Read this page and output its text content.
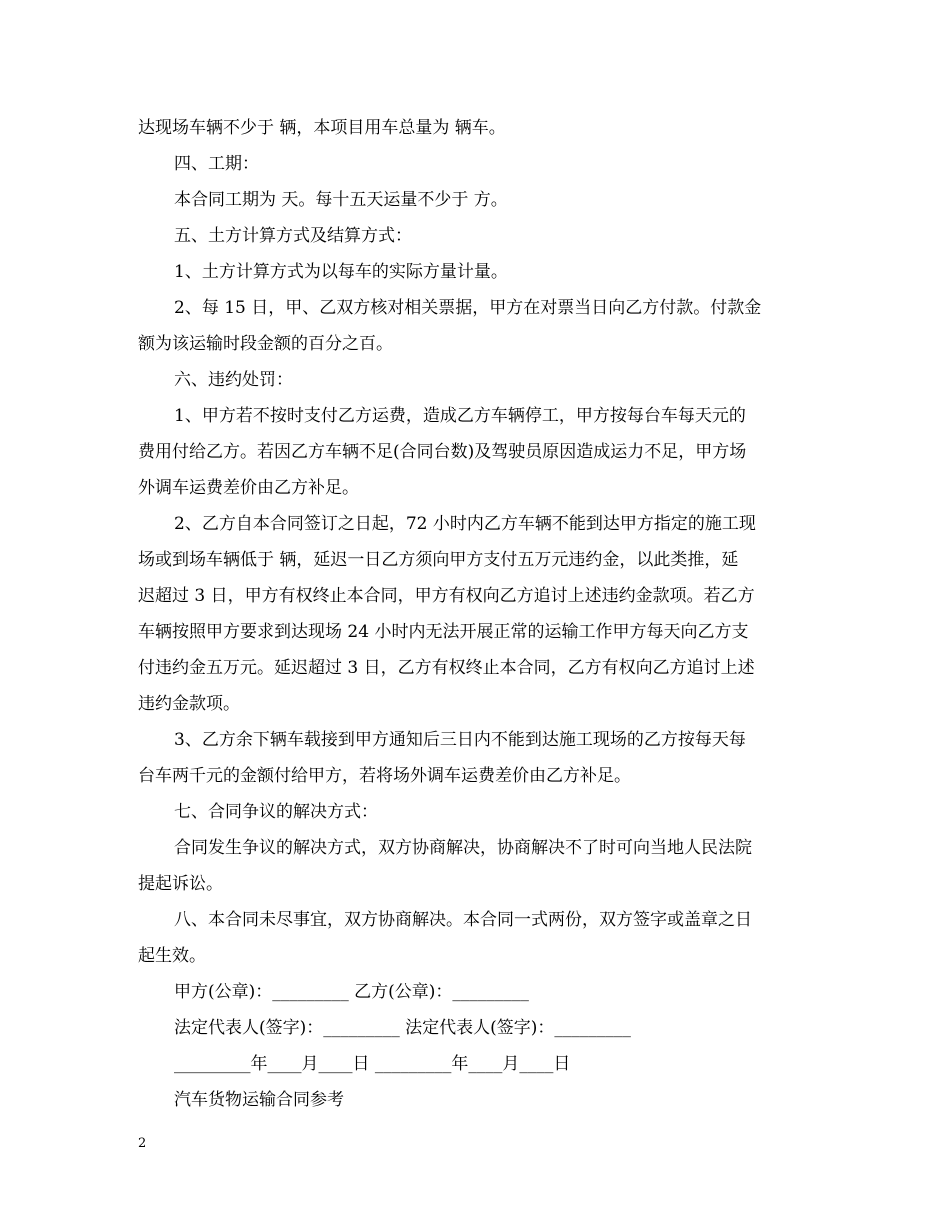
达现场车辆不少于 辆，本项目用车总量为 辆车。
四、工期：
本合同工期为 天。每十五天运量不少于 方。
五、土方计算方式及结算方式：
1、土方计算方式为以每车的实际方量计量。
2、每 15 日，甲、乙双方核对相关票据，甲方在对票当日向乙方付款。付款金
额为该运输时段金额的百分之百。
六、违约处罚：
1、甲方若不按时支付乙方运费，造成乙方车辆停工，甲方按每台车每天元的
费用付给乙方。若因乙方车辆不足(合同台数)及驾驶员原因造成运力不足，甲方场
外调车运费差价由乙方补足。
2、乙方自本合同签订之日起，72 小时内乙方车辆不能到达甲方指定的施工现
场或到场车辆低于 辆，延迟一日乙方须向甲方支付五万元违约金，以此类推，延
迟超过 3 日，甲方有权终止本合同，甲方有权向乙方追讨上述违约金款项。若乙方
车辆按照甲方要求到达现场 24 小时内无法开展正常的运输工作甲方每天向乙方支
付违约金五万元。延迟超过 3 日，乙方有权终止本合同，乙方有权向乙方追讨上述
违约金款项。
3、乙方余下辆车载接到甲方通知后三日内不能到达施工现场的乙方按每天每
台车两千元的金额付给甲方，若将场外调车运费差价由乙方补足。
七、合同争议的解决方式：
合同发生争议的解决方式，双方协商解决，协商解决不了时可向当地人民法院
提起诉讼。
八、本合同未尽事宜，双方协商解决。本合同一式两份，双方签字或盖章之日
起生效。
甲方(公章)：_________ 乙方(公章)：_________
法定代表人(签字)：_________ 法定代表人(签字)：_________
_________年____月____日 _________年____月____日
汽车货物运输合同参考
2
